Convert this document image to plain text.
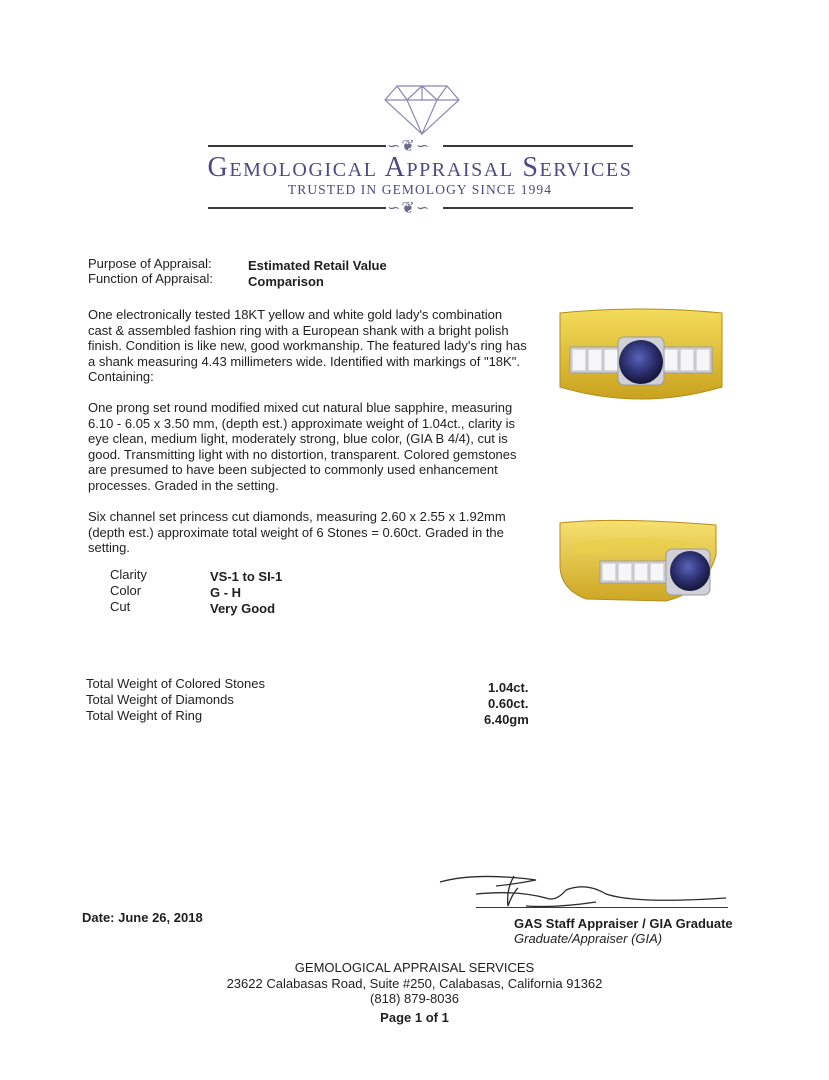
∽❦∽
Gemological Appraisal Services
TRUSTED IN GEMOLOGY SINCE 1994
∽❦∽
Purpose of Appraisal:	Estimated Retail Value
Function of Appraisal:	Comparison
One electronically tested 18KT yellow and white gold lady's combination cast & assembled fashion ring with a European shank with a bright polish finish. Condition is like new, good workmanship. The featured lady's ring has a shank measuring 4.43 millimeters wide. Identified with markings of "18K". Containing:
One prong set round modified mixed cut natural blue sapphire, measuring 6.10 - 6.05 x 3.50 mm, (depth est.) approximate weight of 1.04ct., clarity is eye clean, medium light, moderately strong, blue color, (GIA B 4/4), cut is good. Transmitting light with no distortion, transparent. Colored gemstones are presumed to have been subjected to commonly used enhancement processes. Graded in the setting.
Six channel set princess cut diamonds, measuring 2.60 x 2.55 x 1.92mm (depth est.) approximate total weight of 6 Stones = 0.60ct. Graded in the setting.
Clarity	VS-1 to SI-1
Color	G - H
Cut	Very Good
Total Weight of Colored Stones	1.04ct.
Total Weight of Diamonds	0.60ct.
Total Weight of Ring	6.40gm
Date: June 26, 2018	GAS Staff Appraiser / GIA Graduate
Graduate/Appraiser (GIA)
GEMOLOGICAL APPRAISAL SERVICES
23622 Calabasas Road, Suite #250, Calabasas, California 91362
(818) 879-8036
Page 1 of 1
